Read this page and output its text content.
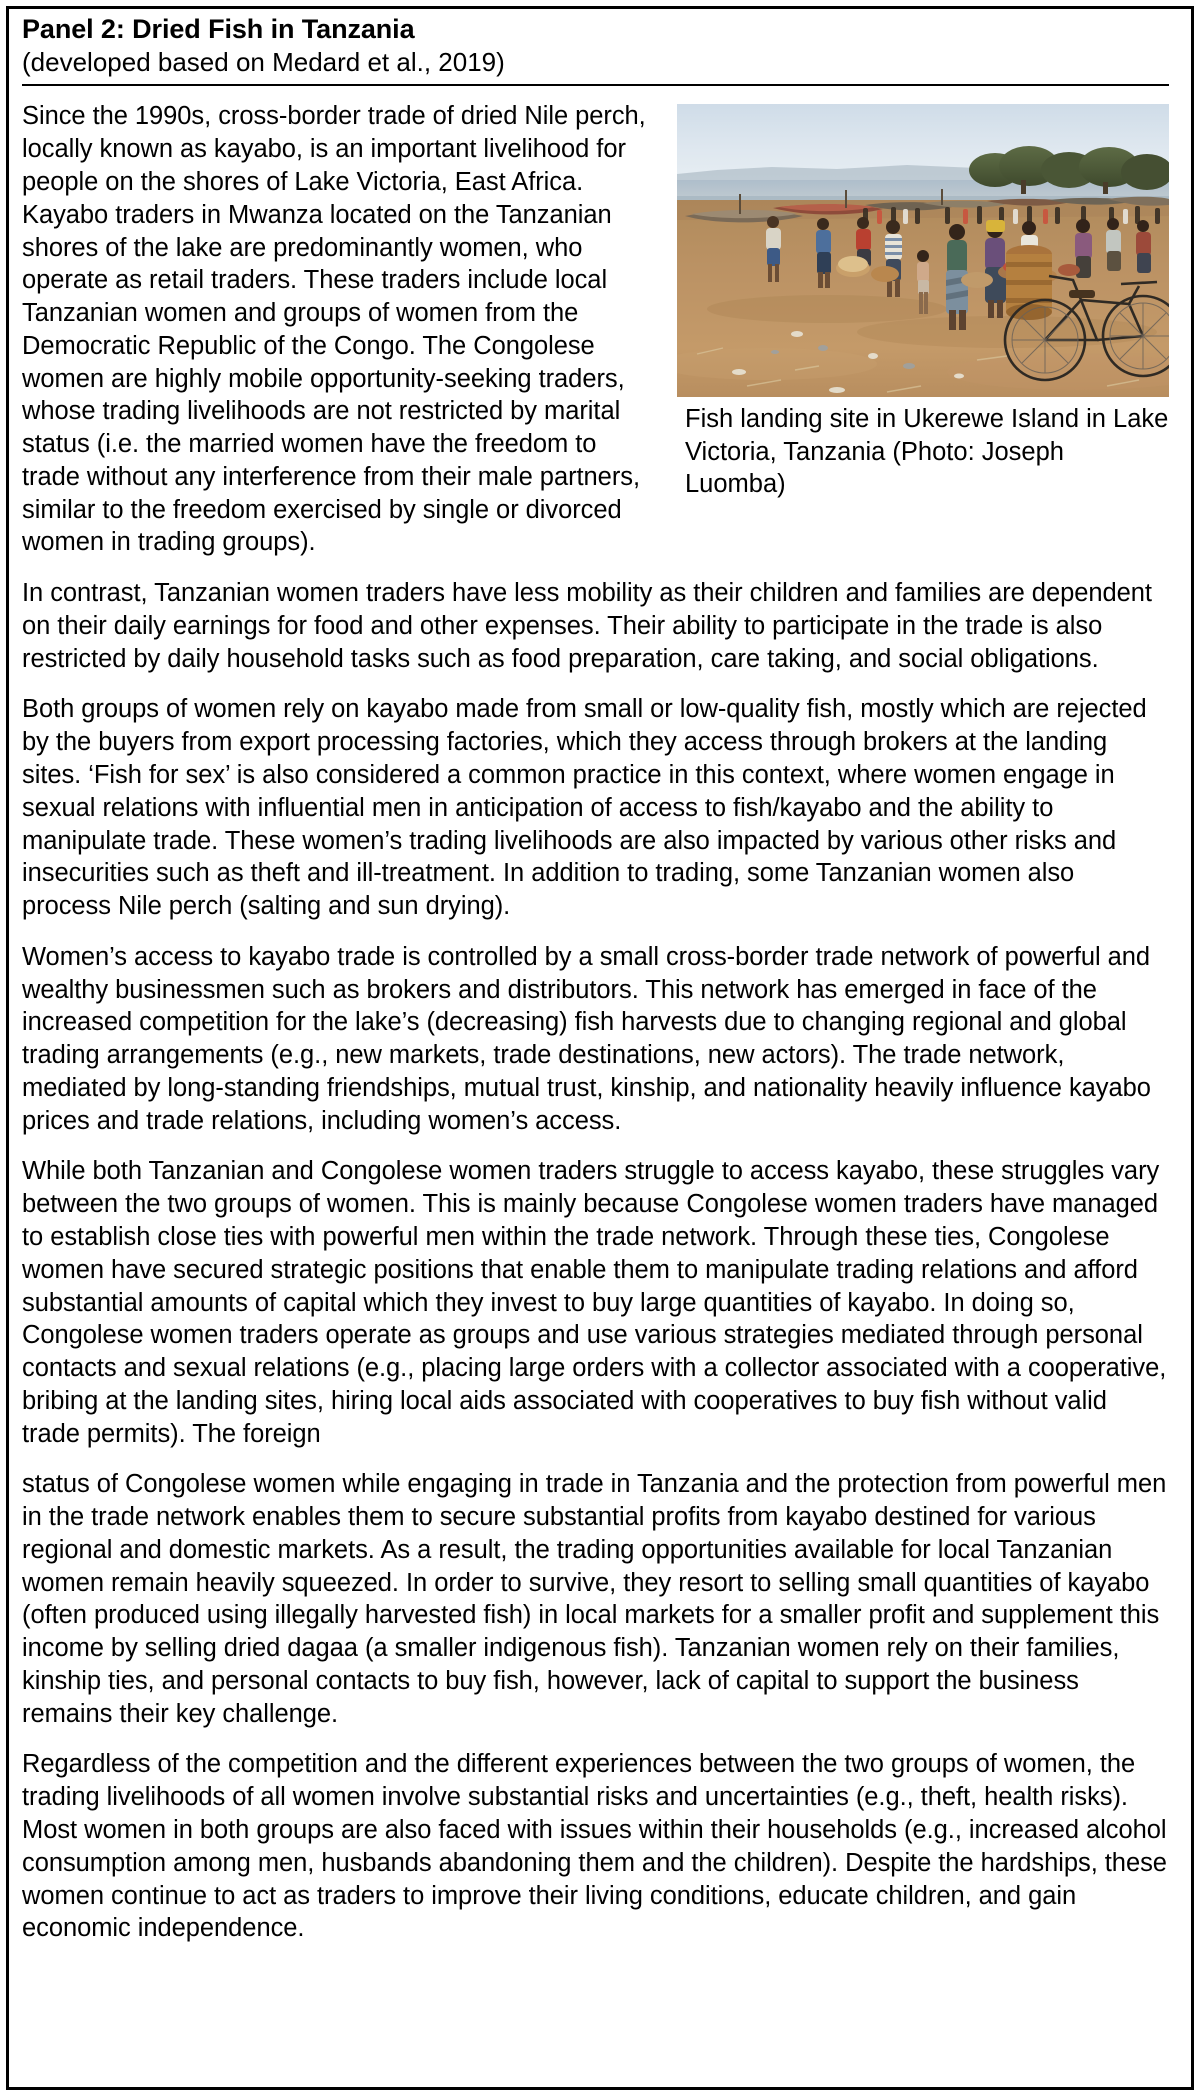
Panel 2: Dried Fish in Tanzania
(developed based on Medard et al., 2019)
Fish landing site in Ukerewe Island in Lake Victoria, Tanzania (Photo: Joseph Luomba)

Since the 1990s, cross-border trade of dried Nile perch, locally known as kayabo, is an important livelihood for people on the shores of Lake Victoria, East Africa. Kayabo traders in Mwanza located on the Tanzanian shores of the lake are predominantly women, who operate as retail traders. These traders include local Tanzanian women and groups of women from the Democratic Republic of the Congo. The Congolese women are highly mobile opportunity-seeking traders, whose trading livelihoods are not restricted by marital status (i.e. the married women have the freedom to trade without any interference from their male partners, similar to the freedom exercised by single or divorced women in trading groups).

In contrast, Tanzanian women traders have less mobility as their children and families are dependent on their daily earnings for food and other expenses. Their ability to participate in the trade is also restricted by daily household tasks such as food preparation, care taking, and social obligations.

Both groups of women rely on kayabo made from small or low-quality fish, mostly which are rejected by the buyers from export processing factories, which they access through brokers at the landing sites. ‘Fish for sex’ is also considered a common practice in this context, where women engage in sexual relations with influential men in anticipation of access to fish/kayabo and the ability to manipulate trade. These women’s trading livelihoods are also impacted by various other risks and insecurities such as theft and ill-treatment. In addition to trading, some Tanzanian women also process Nile perch (salting and sun drying).

Women’s access to kayabo trade is controlled by a small cross-border trade network of powerful and wealthy businessmen such as brokers and distributors. This network has emerged in face of the increased competition for the lake’s (decreasing) fish harvests due to changing regional and global trading arrangements (e.g., new markets, trade destinations, new actors). The trade network, mediated by long-standing friendships, mutual trust, kinship, and nationality heavily influence kayabo prices and trade relations, including women’s access.

While both Tanzanian and Congolese women traders struggle to access kayabo, these struggles vary between the two groups of women. This is mainly because Congolese women traders have managed to establish close ties with powerful men within the trade network. Through these ties, Congolese women have secured strategic positions that enable them to manipulate trading relations and afford substantial amounts of capital which they invest to buy large quantities of kayabo. In doing so, Congolese women traders operate as groups and use various strategies mediated through personal contacts and sexual relations (e.g., placing large orders with a collector associated with a cooperative, bribing at the landing sites, hiring local aids associated with cooperatives to buy fish without valid trade permits). The foreign

status of Congolese women while engaging in trade in Tanzania and the protection from powerful men in the trade network enables them to secure substantial profits from kayabo destined for various regional and domestic markets. As a result, the trading opportunities available for local Tanzanian women remain heavily squeezed. In order to survive, they resort to selling small quantities of kayabo (often produced using illegally harvested fish) in local markets for a smaller profit and supplement this income by selling dried dagaa (a smaller indigenous fish). Tanzanian women rely on their families, kinship ties, and personal contacts to buy fish, however, lack of capital to support the business remains their key challenge.

Regardless of the competition and the different experiences between the two groups of women, the trading livelihoods of all women involve substantial risks and uncertainties (e.g., theft, health risks). Most women in both groups are also faced with issues within their households (e.g., increased alcohol consumption among men, husbands abandoning them and the children). Despite the hardships, these women continue to act as traders to improve their living conditions, educate children, and gain economic independence.
